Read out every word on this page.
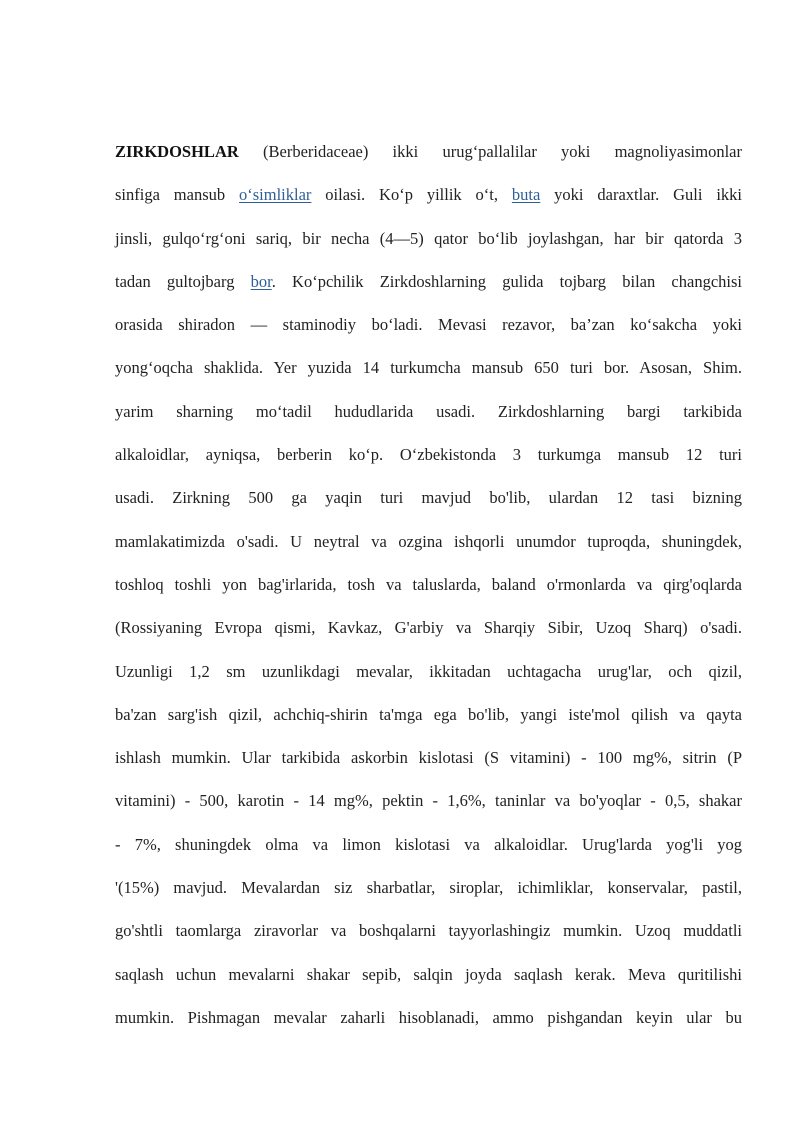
ZIRKDOSHLAR (Berberidaceae) ikki urug‘pallalilar yoki magnoliyasimonlar
sinfiga mansub o‘simliklar oilasi. Ko‘p yillik o‘t, buta yoki daraxtlar. Guli ikki
jinsli, gulqo‘rg‘oni sariq, bir necha (4—5) qator bo‘lib joylashgan, har bir qatorda 3
tadan gultojbarg bor. Ko‘pchilik Zirkdoshlarning gulida tojbarg bilan changchisi
orasida shiradon — staminodiy bo‘ladi. Mevasi rezavor, ba’zan ko‘sakcha yoki
yong‘oqcha shaklida. Yer yuzida 14 turkumcha mansub 650 turi bor. Asosan, Shim.
yarim sharning mo‘tadil hududlarida usadi. Zirkdoshlarning bargi tarkibida
alkaloidlar, ayniqsa, berberin ko‘p. O‘zbekistonda 3 turkumga mansub 12 turi
usadi. Zirkning 500 ga yaqin turi mavjud bo'lib, ulardan 12 tasi bizning
mamlakatimizda o'sadi. U neytral va ozgina ishqorli unumdor tuproqda, shuningdek,
toshloq toshli yon bag'irlarida, tosh va taluslarda, baland o'rmonlarda va qirg'oqlarda
(Rossiyaning Evropa qismi, Kavkaz, G'arbiy va Sharqiy Sibir, Uzoq Sharq) o'sadi.
Uzunligi 1,2 sm uzunlikdagi mevalar, ikkitadan uchtagacha urug'lar, och qizil,
ba'zan sarg'ish qizil, achchiq-shirin ta'mga ega bo'lib, yangi iste'mol qilish va qayta
ishlash mumkin. Ular tarkibida askorbin kislotasi (S vitamini) - 100 mg%, sitrin (P
vitamini) - 500, karotin - 14 mg%, pektin - 1,6%, taninlar va bo'yoqlar - 0,5, shakar
- 7%, shuningdek olma va limon kislotasi va alkaloidlar. Urug'larda yog'li yog
'(15%) mavjud. Mevalardan siz sharbatlar, siroplar, ichimliklar, konservalar, pastil,
go'shtli taomlarga ziravorlar va boshqalarni tayyorlashingiz mumkin. Uzoq muddatli
saqlash uchun mevalarni shakar sepib, salqin joyda saqlash kerak. Meva quritilishi
mumkin. Pishmagan mevalar zaharli hisoblanadi, ammo pishgandan keyin ular bu
